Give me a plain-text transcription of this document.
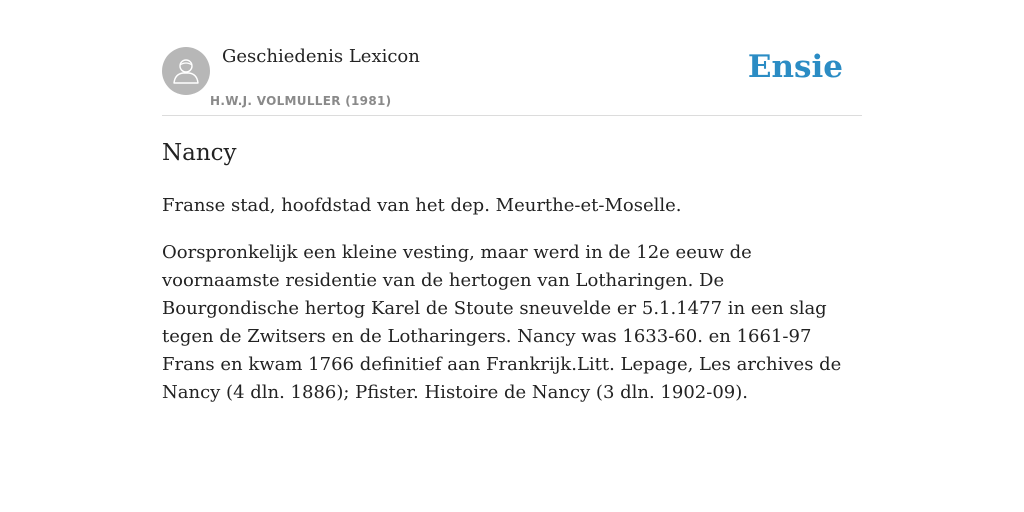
Geschiedenis Lexicon
H.W.J. VOLMULLER (1981)
Ensie
Nancy

Franse stad, hoofdstad van het dep. Meurthe-et-Moselle.

Oorspronkelijk een kleine vesting, maar werd in de 12e eeuw de voornaamste residentie van de hertogen van Lotharingen. De Bourgondische hertog Karel de Stoute sneuvelde er 5.1.1477 in een slag tegen de Zwitsers en de Lotharingers. Nancy was 1633-60. en 1661-97 Frans en kwam 1766 definitief aan Frankrijk.Litt. Lepage, Les archives de Nancy (4 dln. 1886); Pfister. Histoire de Nancy (3 dln. 1902-09).
